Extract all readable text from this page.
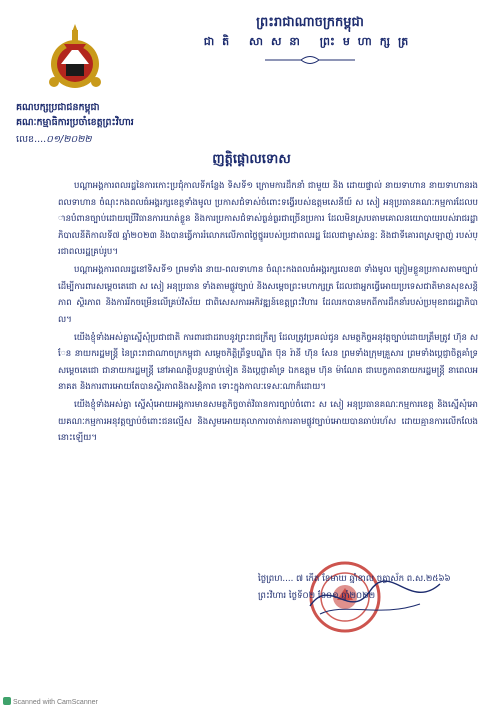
ព្រះរាជាណាចក្រកម្ពុជា
ជាតិ សាសនា ព្រះមហាក្សត្រ
គណបក្សប្រជាជនកម្ពុជា
គណៈកម្មាធិការប្រចាំខេត្តព្រះវិហារ
លេខ....០១/២០២២
ញត្តិផ្តោលទោស

បណ្តាអង្គការពលរដ្ឋនៃការកោះប្រជុំកាលទីកន្លែង ទិសទី១ ក្រោមការដឹកនាំ ជាមួយ និង ដោយផ្ទាល់ នាយទាហាន នាយទាហានរង ពលទាហាន ចំណុះកងពលធំអង្គរក្សខេត្តទាំងមូល ប្រកាសជំទាស់ចំពោះទង្វើរបស់ឧត្តមសេនីយ៍ ស សៀ អនុប្រធានគណៈកម្មការដែលបានបំពានច្បាប់ដោយប្រើវិធានការឃាត់ខ្លួន និងការប្រកាសជំទាស់ធ្ងន់ធ្ងរជាច្រើនប្រការ ដែលមិនស្របតាមគោលនយោបាយរបស់រាជរដ្ឋាភិបាលនីតិកាលទី៧ ឆ្នាំ២០២៣ និងបានធ្វើការរំលោភលើភាពថ្លៃថ្នូររបស់ប្រជាពលរដ្ឋ ដែលជាម្ចាស់ឆន្ទៈ និងជាទីគោរពស្រឡាញ់ របស់ប្រជាពលរដ្ឋគ្រប់រូប។

បណ្តាអង្គការពលរដ្ឋនៅទិសទី១ ព្រមទាំង នាយ-ពលទាហាន ចំណុះកងពលធំអង្គរក្សលេខ៣ ទាំងមូល ត្រៀមខ្លួនប្រកាសតាមច្បាប់ ដើម្បីការពារសម្តេចតេជោ ស សៀ អនុប្រធាន ទាំងតាមផ្លូវច្បាប់ និងសម្តេចព្រះមហាក្សត្រ ដែលជាអ្នកធ្វើអោយប្រទេសជាតិមានសុខសន្តិភាព ស្ថិរភាព និងការរីកចម្រើនលើគ្រប់វិស័យ ជាពិសេសការអភិវឌ្ឍន៍ខេត្តព្រះវិហារ ដែលរកបានមកពីការដឹកនាំរបស់ប្រមុខរាជរដ្ឋាភិបាល។

យើងខ្ញុំទាំងអស់គ្នាស្នើសុំប្រជាជាតិ ការពារជាដរាបនូវព្រះរាជក្រឹត្យ ដែលត្រូវប្រគល់ជូន សមត្ថកិច្ចអនុវត្តច្បាប់ដោយត្រឹមត្រូវ ហ៊ុន សែន នាយករដ្ឋមន្រ្តី នៃព្រះរាជាណាចក្រកម្ពុជា សម្តេចកិត្តិព្រឹទ្ធបណ្ឌិត ប៊ុន រ៉ានី ហ៊ុន សែន ព្រមទាំងក្រុមគ្រួសារ ព្រមទាំងប្តេជ្ញាចិត្តគាំទ្រ សម្តេចតេជោ ជានាយករដ្ឋមន្រ្តី នៅអាណត្តិបន្តបន្ទាប់ទៀត និងប្តេជ្ញាគាំទ្រ ឯកឧត្តម ហ៊ុន ម៉ាណែត ជាបេក្ខភាពនាយករដ្ឋមន្រ្តី នាពេលអនាគត និងការពារអោយតែបានស្ថិរភាពនិងសន្តិភាព ទោះក្នុងកាលៈទេសៈណាក៏ដោយ។

យើងខ្ញុំទាំងអស់គ្នា ស្នើសុំអោយអង្គការមានសមត្ថកិច្ចចាត់វិធានការច្បាប់ចំពោះ ស សៀ អនុប្រធានគណៈកម្មការខេត្ត និងស្នើសុំអោយគណៈកម្មការអនុវត្តច្បាប់ចំពោះជនល្មើស និងសូមអោយតុលាការចាត់ការតាមផ្លូវច្បាប់អោយបានឆាប់រហ័ស ដោយគ្មានការលើកលែង នោះឡើយ។

ថ្ងៃព្រហ.... ៧ កើត ខែមាឃ ឆ្នាំខាល ចត្វាស័ក ព.ស.២៥៦៦
ព្រះវិហារ ថ្ងៃទី០២ ខែ០១ ឆ្នាំ២០២២
Scanned with CamScanner
